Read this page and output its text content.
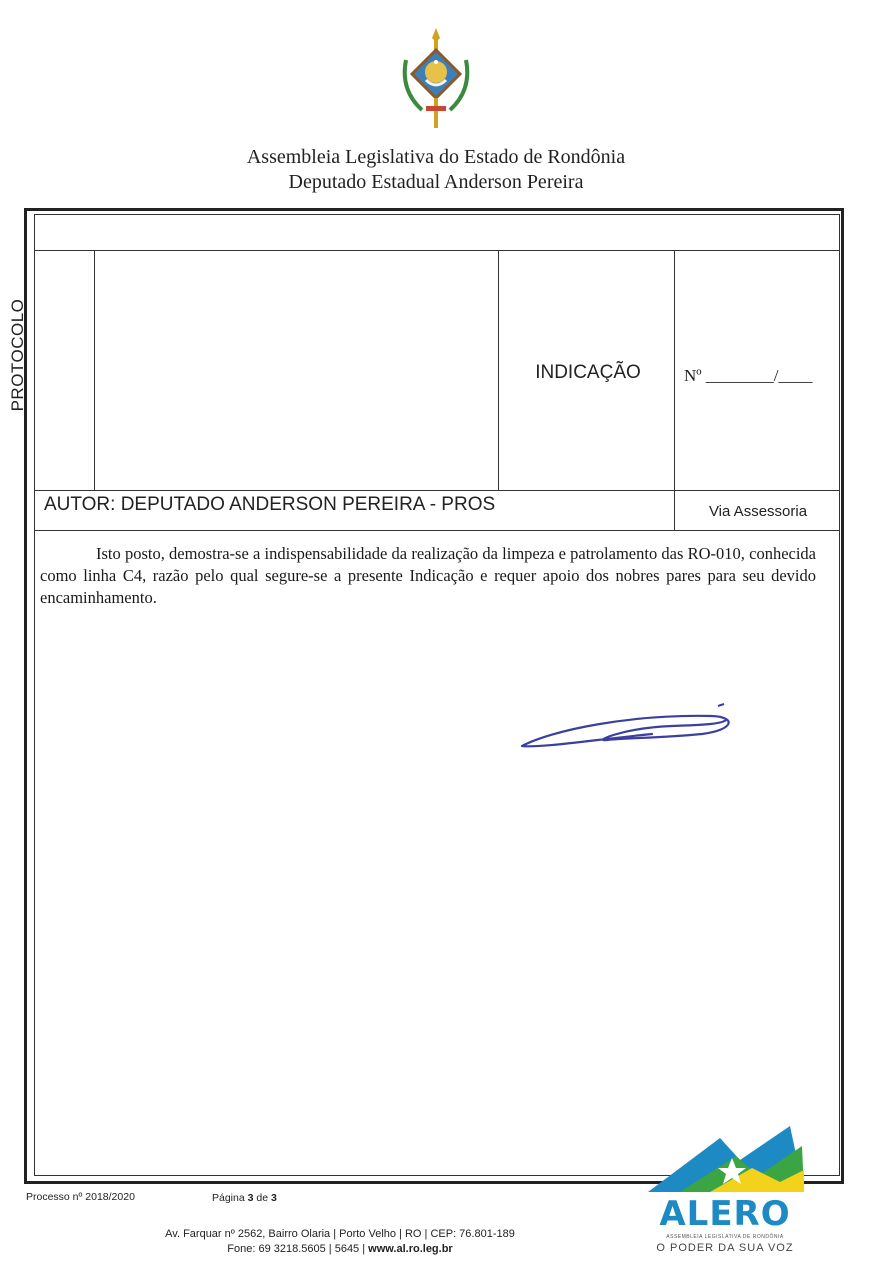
Assembleia Legislativa do Estado de Rondônia
Deputado Estadual Anderson Pereira
PROTOCOLO	INDICAÇÃO	Nº ________/____
AUTOR: DEPUTADO ANDERSON PEREIRA - PROS	Via Assessoria

Isto posto, demostra-se a indispensabilidade da realização da limpeza e patrolamento das RO-010, conhecida como linha C4, razão pelo qual segure-se a presente Indicação e requer apoio dos nobres pares para seu devido encaminhamento.

Processo nº 2018/2020	Página 3 de 3
Av. Farquar nº 2562, Bairro Olaria | Porto Velho | RO | CEP: 76.801-189
Fone: 69 3218.5605 | 5645 | www.al.ro.leg.br
ALERO
ASSEMBLEIA LEGISLATIVA DE RONDÔNIA
O PODER DA SUA VOZ
